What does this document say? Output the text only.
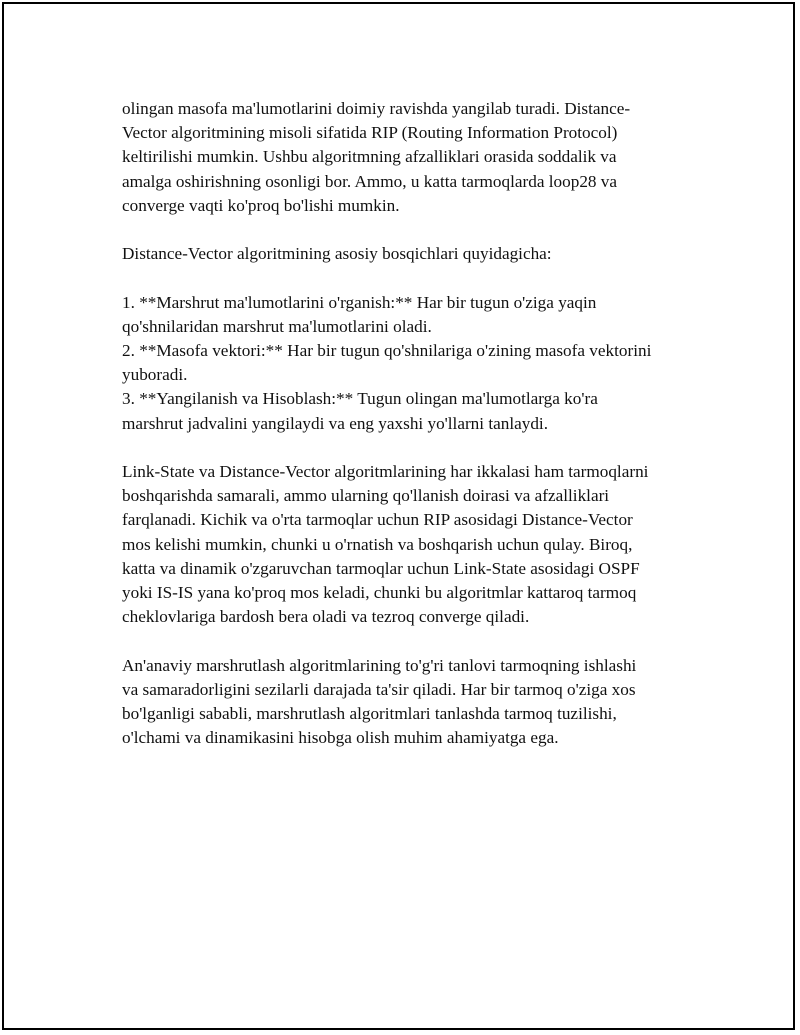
olingan masofa ma'lumotlarini doimiy ravishda yangilab turadi. Distance-
Vector algoritmining misoli sifatida RIP (Routing Information Protocol)
keltirilishi mumkin. Ushbu algoritmning afzalliklari orasida soddalik va
amalga oshirishning osonligi bor. Ammo, u katta tarmoqlarda loop28 va
converge vaqti ko'proq bo'lishi mumkin.

Distance-Vector algoritmining asosiy bosqichlari quyidagicha:

1. **Marshrut ma'lumotlarini o'rganish:** Har bir tugun o'ziga yaqin
qo'shnilaridan marshrut ma'lumotlarini oladi.
2. **Masofa vektori:** Har bir tugun qo'shnilariga o'zining masofa vektorini
yuboradi.
3. **Yangilanish va Hisoblash:** Tugun olingan ma'lumotlarga ko'ra
marshrut jadvalini yangilaydi va eng yaxshi yo'llarni tanlaydi.

Link-State va Distance-Vector algoritmlarining har ikkalasi ham tarmoqlarni
boshqarishda samarali, ammo ularning qo'llanish doirasi va afzalliklari
farqlanadi. Kichik va o'rta tarmoqlar uchun RIP asosidagi Distance-Vector
mos kelishi mumkin, chunki u o'rnatish va boshqarish uchun qulay. Biroq,
katta va dinamik o'zgaruvchan tarmoqlar uchun Link-State asosidagi OSPF
yoki IS-IS yana ko'proq mos keladi, chunki bu algoritmlar kattaroq tarmoq
cheklovlariga bardosh bera oladi va tezroq converge qiladi.

An'anaviy marshrutlash algoritmlarining to'g'ri tanlovi tarmoqning ishlashi
va samaradorligini sezilarli darajada ta'sir qiladi. Har bir tarmoq o'ziga xos
bo'lganligi sababli, marshrutlash algoritmlari tanlashda tarmoq tuzilishi,
o'lchami va dinamikasini hisobga olish muhim ahamiyatga ega.
